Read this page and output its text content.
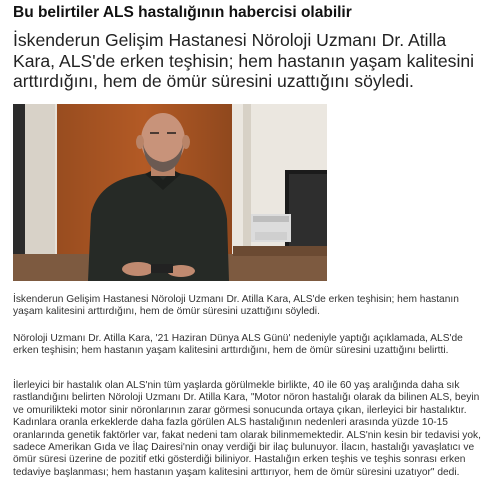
Bu belirtiler ALS hastalığının habercisi olabilir

İskenderun Gelişim Hastanesi Nöroloji Uzmanı Dr. Atilla Kara, ALS'de erken teşhisin; hem hastanın yaşam kalitesini arttırdığını, hem de ömür süresini uzattığını söyledi.

İskenderun Gelişim Hastanesi Nöroloji Uzmanı Dr. Atilla Kara, ALS'de erken teşhisin; hem hastanın yaşam kalitesini arttırdığını, hem de ömür süresini uzattığını söyledi.

Nöroloji Uzmanı Dr. Atilla Kara, '21 Haziran Dünya ALS Günü' nedeniyle yaptığı açıklamada, ALS'de erken teşhisin; hem hastanın yaşam kalitesini arttırdığını, hem de ömür süresini uzattığını belirtti.

İlerleyici bir hastalık olan ALS'nin tüm yaşlarda görülmekle birlikte, 40 ile 60 yaş aralığında daha sık rastlandığını belirten Nöroloji Uzmanı Dr. Atilla Kara, "Motor nöron hastalığı olarak da bilinen ALS, beyin ve omurilikteki motor sinir nöronlarının zarar görmesi sonucunda ortaya çıkan, ilerleyici bir hastalıktır. Kadınlara oranla erkeklerde daha fazla görülen ALS hastalığının nedenleri arasında yüzde 10-15 oranlarında genetik faktörler var, fakat nedeni tam olarak bilinmemektedir. ALS'nin kesin bir tedavisi yok, sadece Amerikan Gıda ve İlaç Dairesi'nin onay verdiği bir ilaç bulunuyor. İlacın, hastalığı yavaşlatıcı ve ömür süresi üzerine de pozitif etki gösterdiği biliniyor. Hastalığın erken teşhis ve teşhis sonrası erken tedaviye başlanması; hem hastanın yaşam kalitesini arttırıyor, hem de ömür süresini uzatıyor" dedi.
